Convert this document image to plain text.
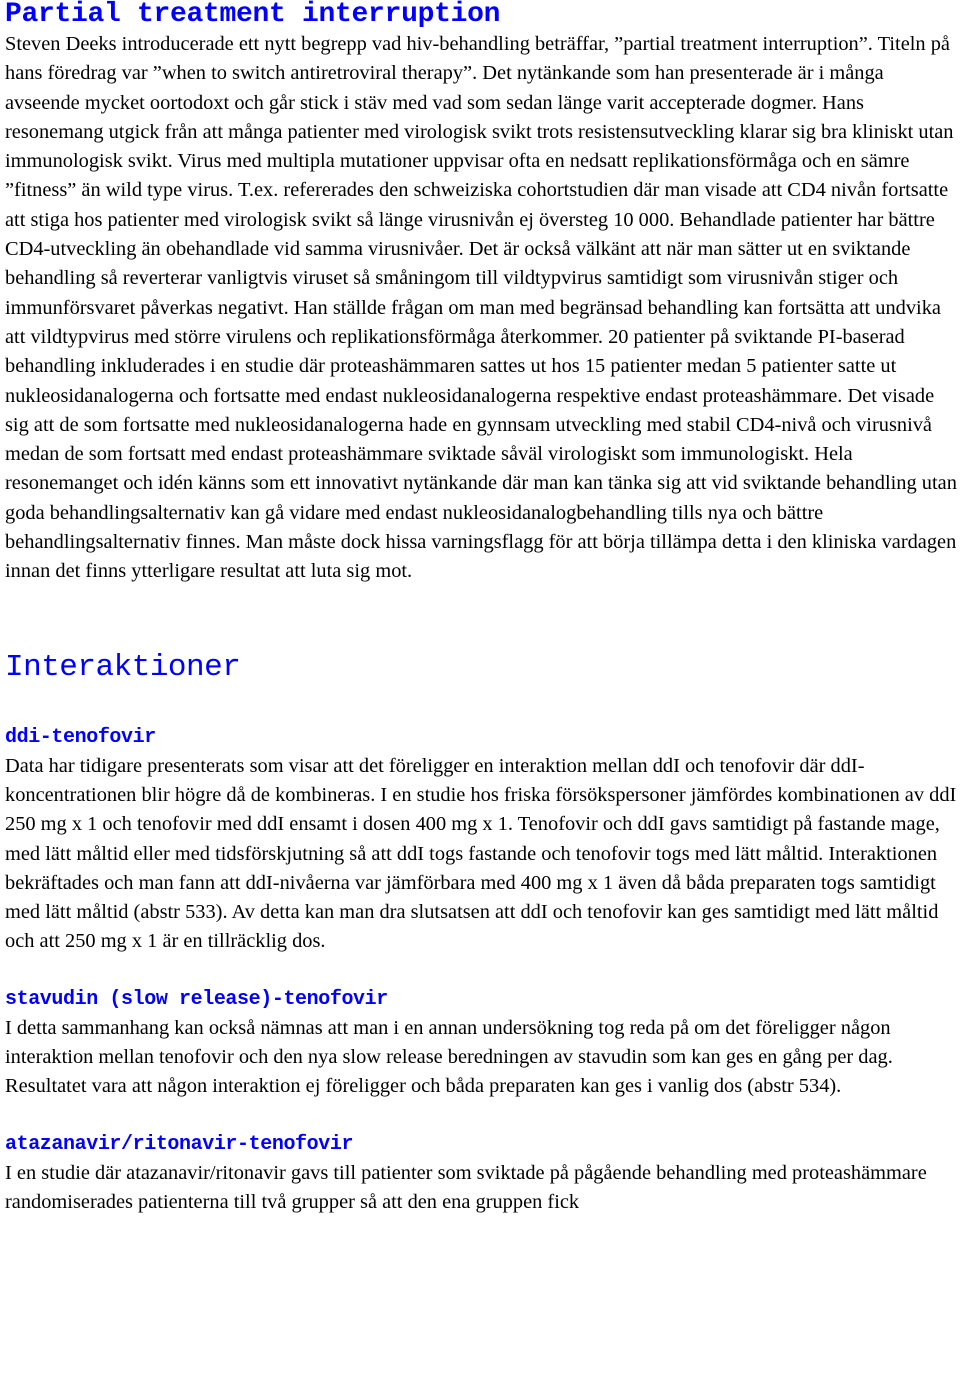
Partial treatment interruption

Steven Deeks introducerade ett nytt begrepp vad hiv-behandling beträffar, ”partial treatment interruption”. Titeln på hans föredrag var ”when to switch antiretroviral therapy”. Det nytänkande som han presenterade är i många avseende mycket oortodoxt och går stick i stäv med vad som sedan länge varit accepterade dogmer. Hans resonemang utgick från att många patienter med virologisk svikt trots resistensutveckling klarar sig bra kliniskt utan immunologisk svikt. Virus med multipla mutationer uppvisar ofta en nedsatt replikationsförmåga och en sämre ”fitness” än wild type virus. T.ex. refererades den schweiziska cohortstudien där man visade att CD4 nivån fortsatte att stiga hos patienter med virologisk svikt så länge virusnivån ej översteg 10 000. Behandlade patienter har bättre CD4-utveckling än obehandlade vid samma virusnivåer. Det är också välkänt att när man sätter ut en sviktande behandling så reverterar vanligtvis viruset så småningom till vildtypvirus samtidigt som virusnivån stiger och immunförsvaret påverkas negativt. Han ställde frågan om man med begränsad behandling kan fortsätta att undvika att vildtypvirus med större virulens och replikationsförmåga återkommer. 20 patienter på sviktande PI-baserad behandling inkluderades i en studie där proteashämmaren sattes ut hos 15 patienter medan 5 patienter satte ut nukleosidanalogerna och fortsatte med endast nukleosidanalogerna respektive endast proteashämmare. Det visade sig att de som fortsatte med nukleosidanalogerna hade en gynnsam utveckling med stabil CD4-nivå och virusnivå medan de som fortsatt med endast proteashämmare sviktade såväl virologiskt som immunologiskt. Hela resonemanget och idén känns som ett innovativt nytänkande där man kan tänka sig att vid sviktande behandling utan goda behandlingsalternativ kan gå vidare med endast nukleosidanalogbehandling tills nya och bättre behandlingsalternativ finnes. Man måste dock hissa varningsflagg för att börja tillämpa detta i den kliniska vardagen innan det finns ytterligare resultat att luta sig mot.

Interaktioner
ddi-tenofovir

Data har tidigare presenterats som visar att det föreligger en interaktion mellan ddI och tenofovir där ddI-koncentrationen blir högre då de kombineras. I en studie hos friska försökspersoner jämfördes kombinationen av ddI 250 mg x 1 och tenofovir med ddI ensamt i dosen 400 mg x 1. Tenofovir och ddI gavs samtidigt på fastande mage, med lätt måltid eller med tidsförskjutning så att ddI togs fastande och tenofovir togs med lätt måltid. Interaktionen bekräftades och man fann att ddI-nivåerna var jämförbara med 400 mg x 1 även då båda preparaten togs samtidigt med lätt måltid (abstr 533). Av detta kan man dra slutsatsen att ddI och tenofovir kan ges samtidigt med lätt måltid och att 250 mg x 1 är en tillräcklig dos.

stavudin (slow release)-tenofovir

I detta sammanhang kan också nämnas att man i en annan undersökning tog reda på om det föreligger någon interaktion mellan tenofovir och den nya slow release beredningen av stavudin som kan ges en gång per dag. Resultatet vara att någon interaktion ej föreligger och båda preparaten kan ges i vanlig dos (abstr 534).

atazanavir/ritonavir-tenofovir

I en studie där atazanavir/ritonavir gavs till patienter som sviktade på pågående behandling med proteashämmare randomiserades patienterna till två grupper så att den ena gruppen fick
